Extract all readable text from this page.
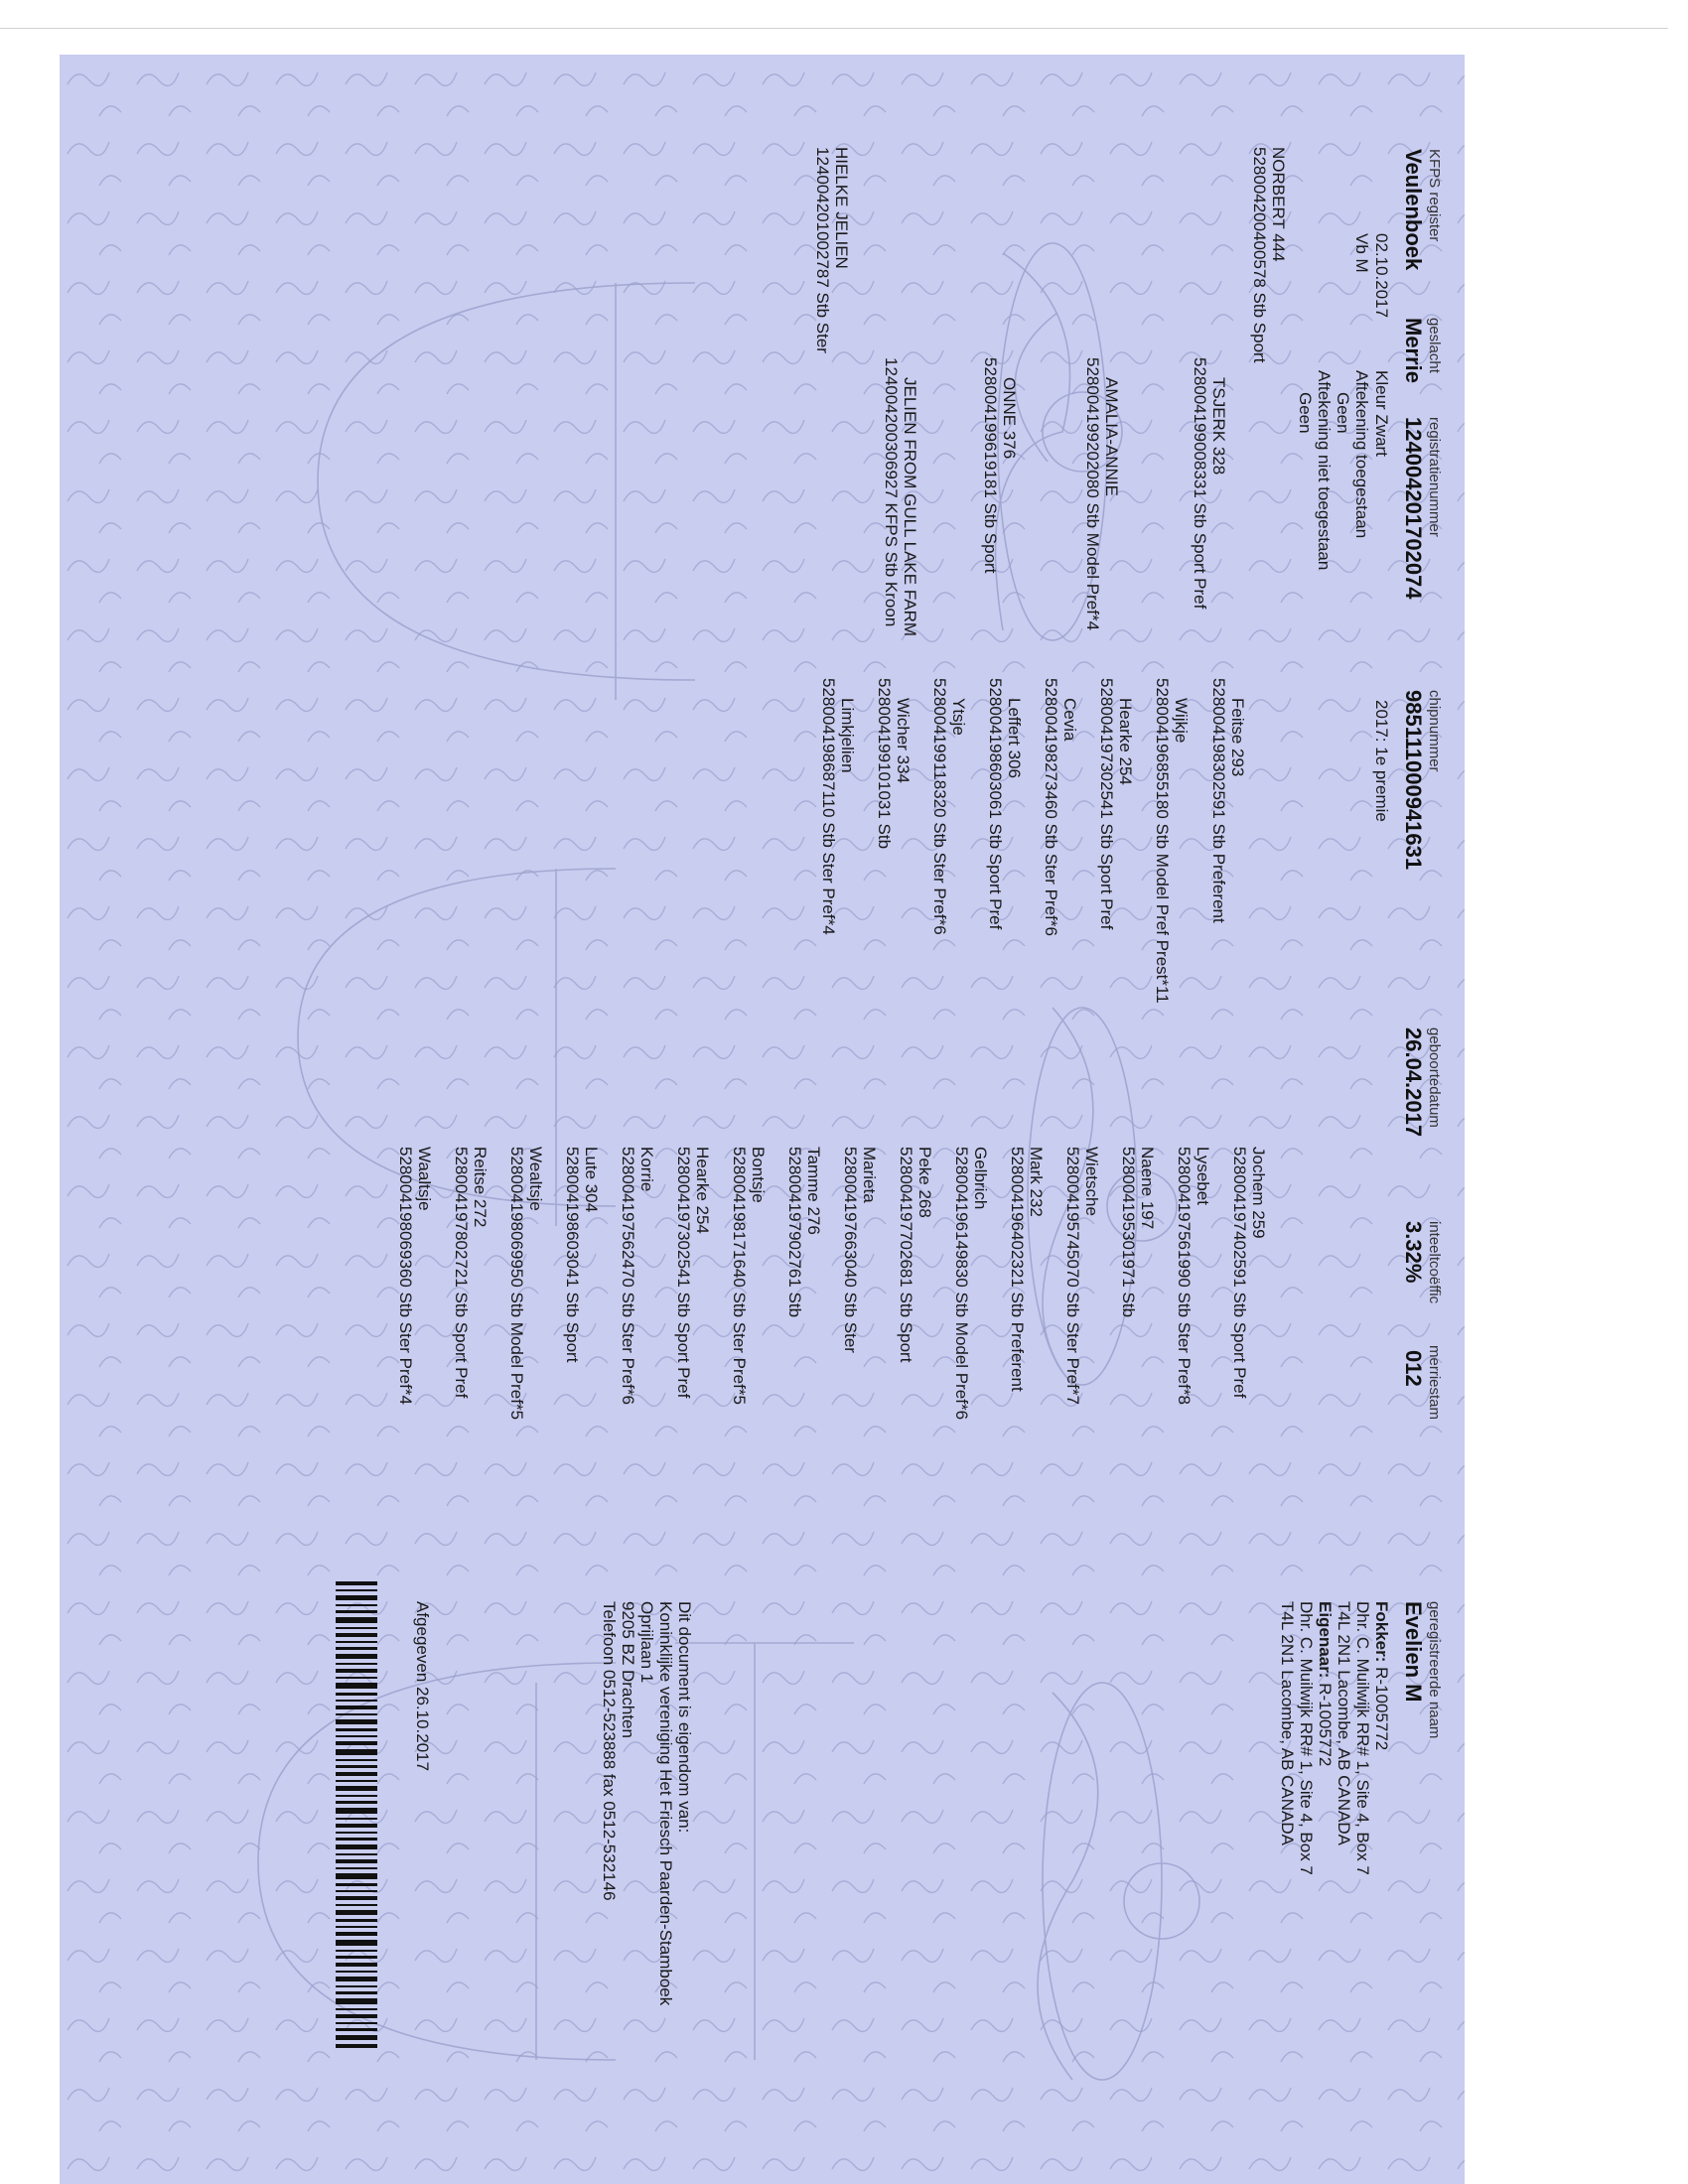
KFPS register
Veulenboek
geslacht
Merrie
registratienummer
124004201702074
chipnummer
985111000941631
geboortedatum
26.04.2017
inteeltcoëffic
3.32%
merriestam
012
geregistreerde naam
Evelien M
02.10.2017
Vb M
Kleur Zwart
Aftekening toegestaan
Geen
Aftekening niet toegestaan
Geen
2017: 1e premie
NORBERT 444
528004200400578 Stb Sport
HIELKE JELIEN
124004201002787 Stb Ster
TSJERK 328
528004199008331 Stb Sport Pref
AMALIA-ANNIE
528004199202080 Stb Model Pref*4
ONNE 376
528004199619181 Stb Sport
JELIEN FROM GULL LAKE FARM
124004200306927 KFPS Stb Kroon
Feitse 293
528004198302591 Stb Preferent
Wijkje
528004196855180 Stb Model Pref Prest*11
Hearke 254
528004197302541 Stb Sport Pref
Cevia
528004198273460 Stb Ster Pref*6
Leffert 306
528004198603061 Stb Sport Pref
Ytsje
528004199118320 Stb Ster Pref*6
Wicher 334
528004199101031 Stb
Limkjelien
528004198687110 Stb Ster Pref*4
Jochem 259
528004197402591 Stb Sport Pref
Lysebet
528004197561990 Stb Ster Pref*8
Naene 197
528004195301971 Stb
Wietsche
528004195745070 Stb Ster Pref*7
Mark 232
528004196402321 Stb Preferent
Gelbrich
528004196149830 Stb Model Pref*6
Peke 268
528004197702681 Stb Sport
Marieta
528004197663040 Stb Ster
Tamme 276
528004197902761 Stb
Bontsje
528004198171640 Stb Ster Pref*5
Hearke 254
528004197302541 Stb Sport Pref
Korrie
528004197562470 Stb Ster Pref*6
Lute 304
528004198603041 Stb Sport
Wealtsje
528004198069950 Stb Model Pref*5
Reitse 272
528004197802721 Stb Sport Pref
Waaltsje
528004198069360 Stb Ster Pref*4
Fokker: R-1005772
Dhr. C. Muilwijk RR# 1, Site 4, Box 7
T4L 2N1 Lacombe, AB CANADA
Eigenaar: R-1005772
Dhr. C. Muilwijk RR# 1, Site 4, Box 7
T4L 2N1 Lacombe, AB CANADA
Dit document is eigendom van:
Koninklijke vereniging Het Friesch Paarden-Stamboek
Oprijlaan 1
9205 BZ Drachten
Telefoon 0512-523888 fax 0512-532146
Afgegeven 26.10.2017
